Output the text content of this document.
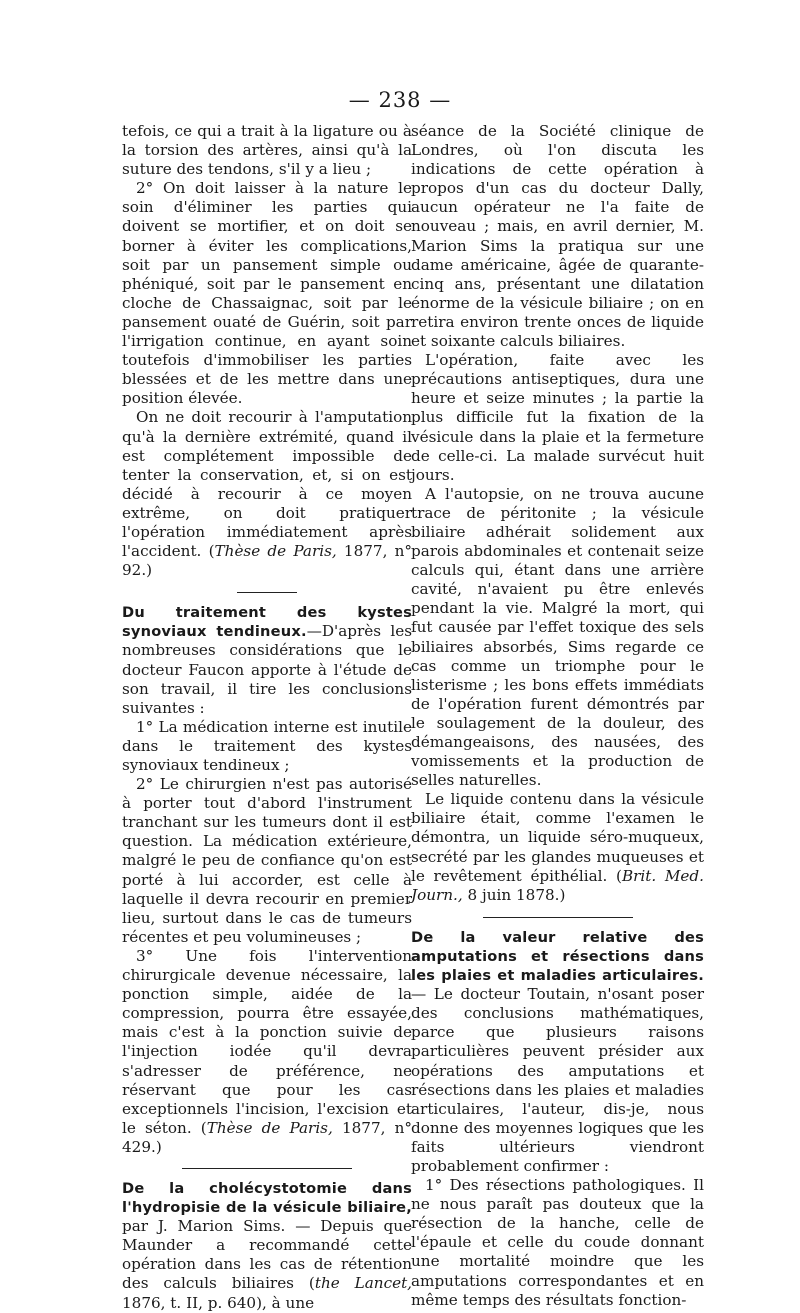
— 238 —

tefois, ce qui a trait à la ligature ou à la torsion des artères, ainsi qu'à la suture des tendons, s'il y a lieu ;

2° On doit laisser à la nature le soin d'éliminer les parties qui doivent se mortifier, et on doit se borner à éviter les complications, soit par un pansement simple ou phéniqué, soit par le pansement en cloche de Chassaignac, soit par le pansement ouaté de Guérin, soit par l'irrigation continue, en ayant soin toutefois d'immobiliser les parties blessées et de les mettre dans une position élevée.

On ne doit recourir à l'amputation qu'à la dernière extrémité, quand il est complétement impossible de tenter la conservation, et, si on est décidé à recourir à ce moyen extrême, on doit pratiquer l'opération immédiatement après l'accident. (Thèse de Paris, 1877, n° 92.)

Du traitement des kystes synoviaux tendineux.—D'après les nombreuses considérations que le docteur Faucon apporte à l'étude de son travail, il tire les conclusions suivantes :

1° La médication interne est inutile dans le traitement des kystes synoviaux tendineux ;

2° Le chirurgien n'est pas autorisé à porter tout d'abord l'instrument tranchant sur les tumeurs dont il est question. La médication extérieure, malgré le peu de confiance qu'on est porté à lui accorder, est celle à laquelle il devra recourir en premier lieu, surtout dans le cas de tumeurs récentes et peu volumineuses ;

3° Une fois l'intervention chirurgicale devenue nécessaire, la ponction simple, aidée de la compression, pourra être essayée, mais c'est à la ponction suivie de l'injection iodée qu'il devra s'adresser de préférence, ne réservant que pour les cas exceptionnels l'incision, l'excision et le séton. (Thèse de Paris, 1877, n° 429.)

De la cholécystotomie dans l'hydropisie de la vésicule biliaire, par J. Marion Sims. — Depuis que Maunder a recommandé cette opération dans les cas de rétention des calculs biliaires (the Lancet, 1876, t. II, p. 640), à une

séance de la Société clinique de Londres, où l'on discuta les indications de cette opération à propos d'un cas du docteur Dally, aucun opérateur ne l'a faite de nouveau ; mais, en avril dernier, M. Marion Sims la pratiqua sur une dame américaine, âgée de quarante-cinq ans, présentant une dilatation énorme de la vésicule biliaire ; on en retira environ trente onces de liquide et soixante calculs biliaires.

L'opération, faite avec les précautions antiseptiques, dura une heure et seize minutes ; la partie la plus difficile fut la fixation de la vésicule dans la plaie et la fermeture de celle-ci. La malade survécut huit jours.

A l'autopsie, on ne trouva aucune trace de péritonite ; la vésicule biliaire adhérait solidement aux parois abdominales et contenait seize calculs qui, étant dans une arrière cavité, n'avaient pu être enlevés pendant la vie. Malgré la mort, qui fut causée par l'effet toxique des sels biliaires absorbés, Sims regarde ce cas comme un triomphe pour le listerisme ; les bons effets immédiats de l'opération furent démontrés par le soulagement de la douleur, des démangeaisons, des nausées, des vomissements et la production de selles naturelles.

Le liquide contenu dans la vésicule biliaire était, comme l'examen le démontra, un liquide séro-muqueux, secrété par les glandes muqueuses et le revêtement épithélial. (Brit. Med. Journ., 8 juin 1878.)

De la valeur relative des amputations et résections dans les plaies et maladies articulaires. — Le docteur Toutain, n'osant poser des conclusions mathématiques, parce que plusieurs raisons particulières peuvent présider aux opérations des amputations et résections dans les plaies et maladies articulaires, l'auteur, dis-je, nous donne des moyennes logiques que les faits ultérieurs viendront probablement confirmer :

1° Des résections pathologiques. Il ne nous paraît pas douteux que la résection de la hanche, celle de l'épaule et celle du coude donnant une mortalité moindre que les amputations correspondantes et en même temps des résultats fonction-
